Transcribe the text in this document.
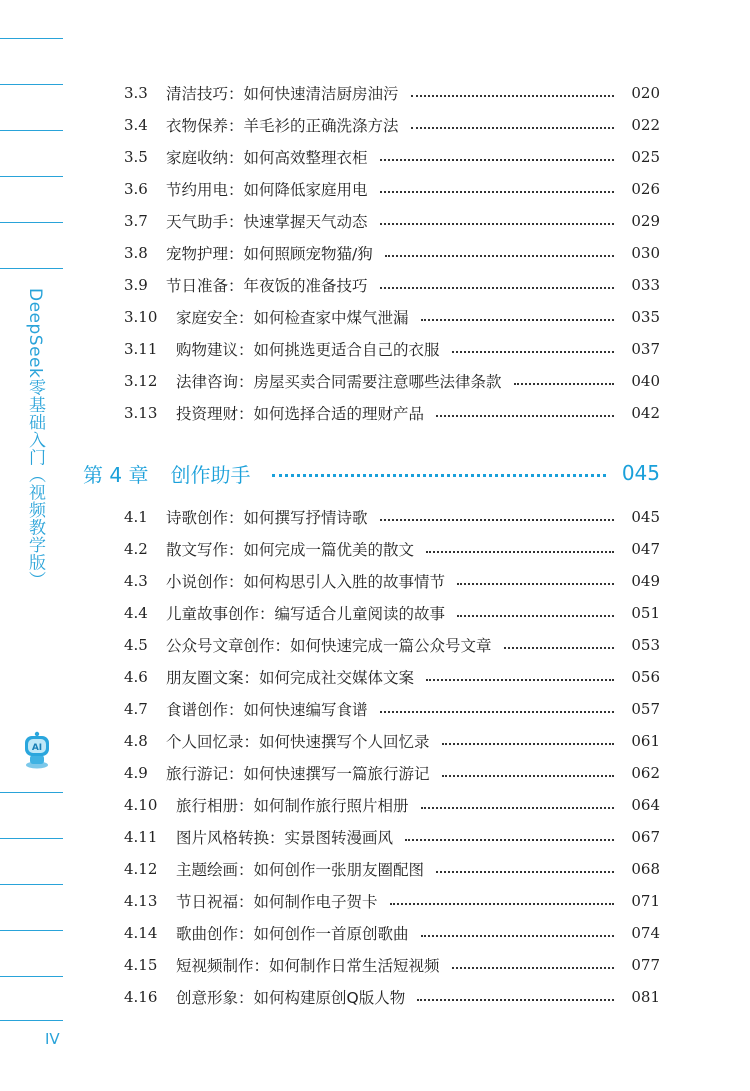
DeepSeek零基础入门（视频教学版）
AI
IV
3.3	清洁技巧：如何快速清洁厨房油污	020
3.4	衣物保养：羊毛衫的正确洗涤方法	022
3.5	家庭收纳：如何高效整理衣柜	025
3.6	节约用电：如何降低家庭用电	026
3.7	天气助手：快速掌握天气动态	029
3.8	宠物护理：如何照顾宠物猫/狗	030
3.9	节日准备：年夜饭的准备技巧	033
3.10	家庭安全：如何检查家中煤气泄漏	035
3.11	购物建议：如何挑选更适合自己的衣服	037
3.12	法律咨询：房屋买卖合同需要注意哪些法律条款	040
3.13	投资理财：如何选择合适的理财产品	042
第 4 章 创作助手	045
4.1	诗歌创作：如何撰写抒情诗歌	045
4.2	散文写作：如何完成一篇优美的散文	047
4.3	小说创作：如何构思引人入胜的故事情节	049
4.4	儿童故事创作：编写适合儿童阅读的故事	051
4.5	公众号文章创作：如何快速完成一篇公众号文章	053
4.6	朋友圈文案：如何完成社交媒体文案	056
4.7	食谱创作：如何快速编写食谱	057
4.8	个人回忆录：如何快速撰写个人回忆录	061
4.9	旅行游记：如何快速撰写一篇旅行游记	062
4.10	旅行相册：如何制作旅行照片相册	064
4.11	图片风格转换：实景图转漫画风	067
4.12	主题绘画：如何创作一张朋友圈配图	068
4.13	节日祝福：如何制作电子贺卡	071
4.14	歌曲创作：如何创作一首原创歌曲	074
4.15	短视频制作：如何制作日常生活短视频	077
4.16	创意形象：如何构建原创Q版人物	081
